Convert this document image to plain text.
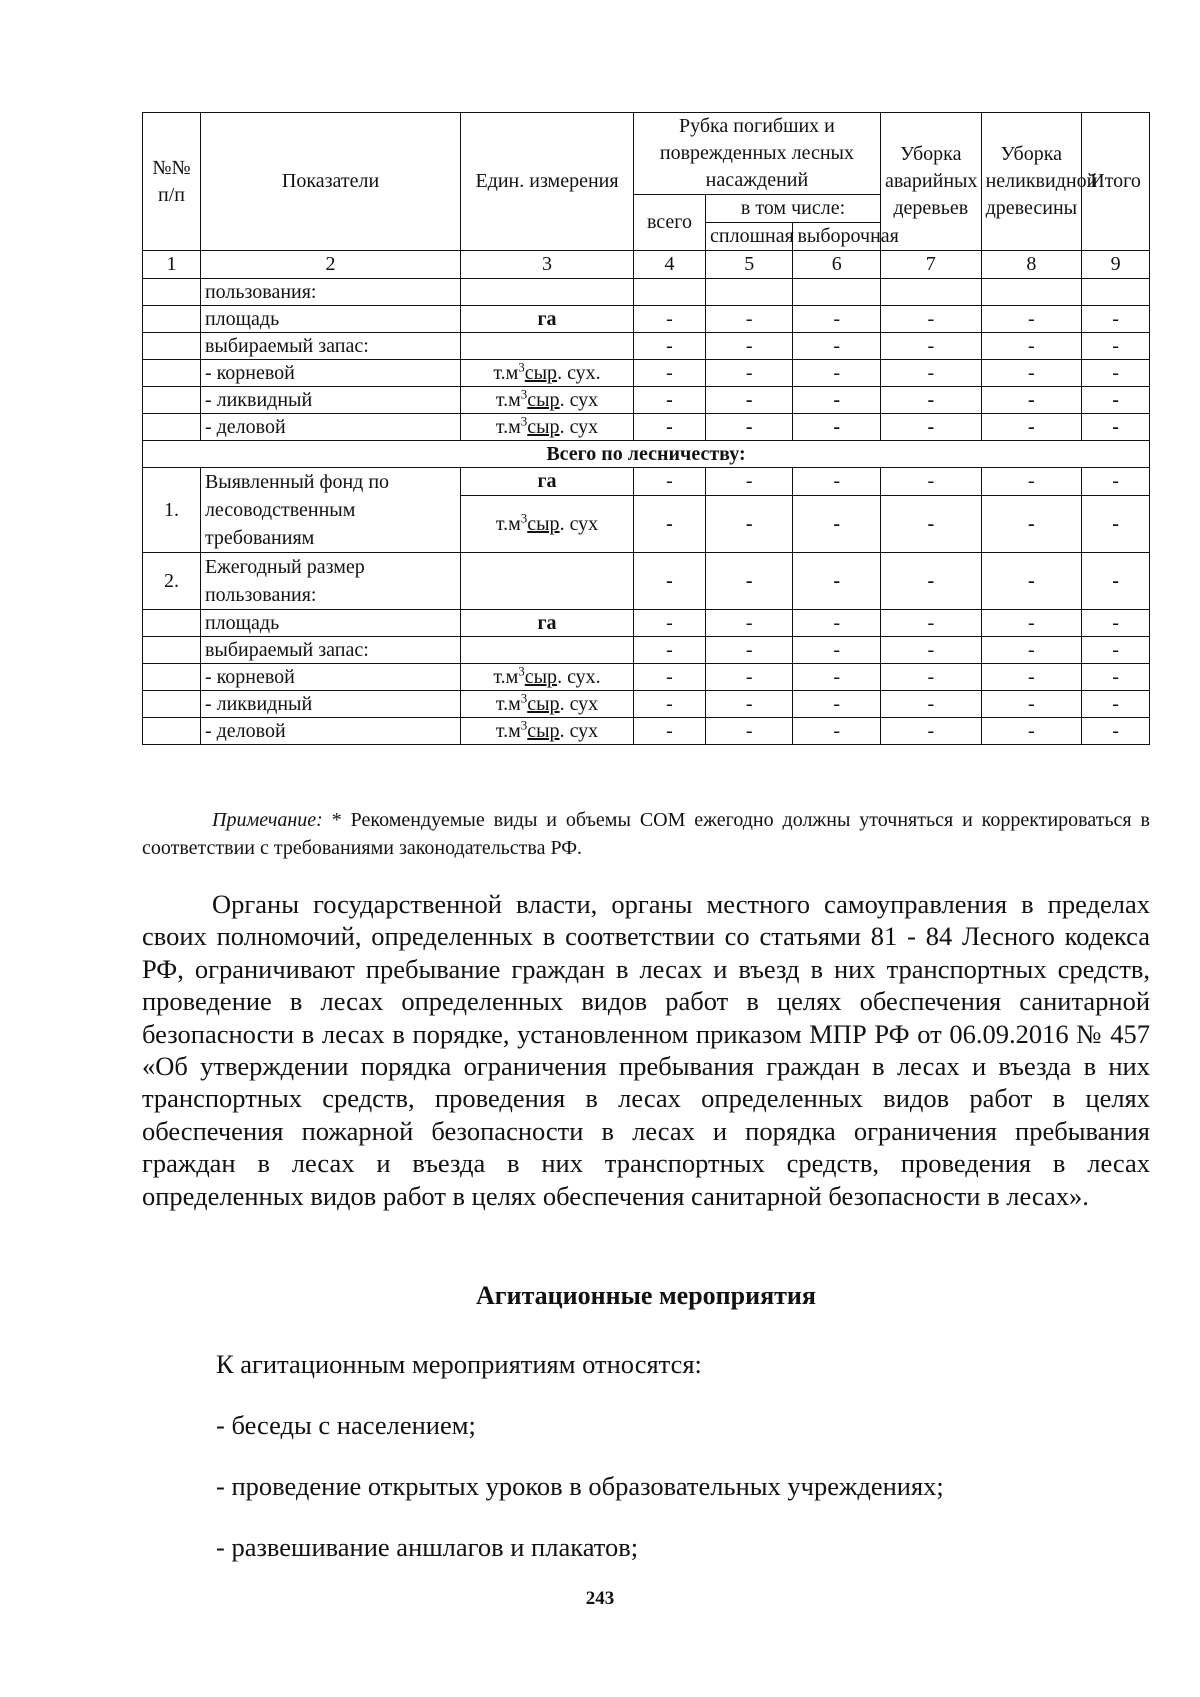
№№ п/п	Показатели	Един. измерения	Рубка погибших и поврежденных лесных насаждений			Уборка аварийных деревьев	Уборка неликвидной древесины	Итого
			всего	в том числе:				
				сплошная	выборочная			
1	2	3	4	5	6	7	8	9
	пользования:							
	площадь	га	-	-	-	-	-	-
	выбираемый запас:		-	-	-	-	-	-
	- корневой	$т.м^3сыр$. сух.	-	-	-	-	-	-
	- ликвидный	$т.м^3сыр$. сух	-	-	-	-	-	-
	- деловой	$т.м^3сыр$. сух	-	-	-	-	-	-
Всего по лесничеству:								
1.	Выявленный фонд по лесоводственным требованиям	га	-	-	-	-	-	-
		$т.м^3сыр$. сух	-	-	-	-	-	-
2.	Ежегодный размер пользования:		-	-	-	-	-	-
	площадь	га	-	-	-	-	-	-
	выбираемый запас:		-	-	-	-	-	-
	- корневой	$т.м^3сыр$. сух.	-	-	-	-	-	-
	- ликвидный	$т.м^3сыр$. сух	-	-	-	-	-	-
	- деловой	$т.м^3сыр$. сух	-	-	-	-	-	-

Примечание: * Рекомендуемые виды и объемы СОМ ежегодно должны уточняться и корректироваться в соответствии с требованиями законодательства РФ.

Органы государственной власти, органы местного самоуправления в пределах своих полномочий, определенных в соответствии со статьями 81 - 84 Лесного кодекса РФ, ограничивают пребывание граждан в лесах и въезд в них транспортных средств, проведение в лесах определенных видов работ в целях обеспечения санитарной безопасности в лесах в порядке, установленном приказом МПР РФ от 06.09.2016 № 457 «Об утверждении порядка ограничения пребывания граждан в лесах и въезда в них транспортных средств, проведения в лесах определенных видов работ в целях обеспечения пожарной безопасности в лесах и порядка ограничения пребывания граждан в лесах и въезда в них транспортных средств, проведения в лесах определенных видов работ в целях обеспечения санитарной безопасности в лесах».

Агитационные мероприятия

К агитационным мероприятиям относятся:

- беседы с населением;

- проведение открытых уроков в образовательных учреждениях;

- развешивание аншлагов и плакатов;

243
